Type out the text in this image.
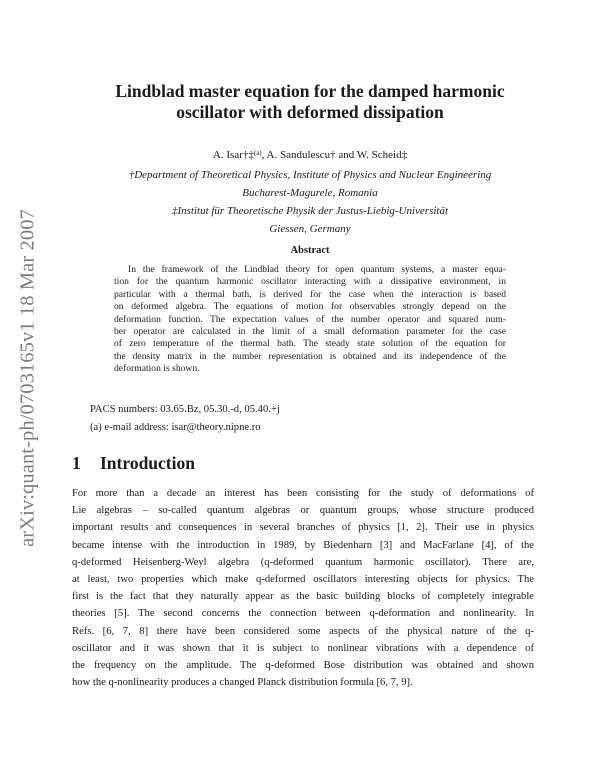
arXiv:quant-ph/0703165v1 18 Mar 2007
Lindblad master equation for the damped harmonic
oscillator with deformed dissipation
A. Isar†‡$^{(a)}$, A. Sandulescu† and W. Scheid‡
†Department of Theoretical Physics, Institute of Physics and Nuclear Engineering
Bucharest-Magurele, Romania
‡Institut für Theoretische Physik der Justus-Liebig-Universität
Giessen, Germany
Abstract
In the framework of the Lindblad theory for open quantum systems, a master equa-
tion for the quantum harmonic oscillator interacting with a dissipative environment, in
particular with a thermal bath, is derived for the case when the interaction is based
on deformed algebra. The equations of motion for observables strongly depend on the
deformation function. The expectation values of the number operator and squared num-
ber operator are calculated in the limit of a small deformation parameter for the case
of zero temperature of the thermal bath. The steady state solution of the equation for
the density matrix in the number representation is obtained and its independence of the
deformation is shown.
PACS numbers: 03.65.Bz, 05.30.-d, 05.40.+j
(a) e-mail address: isar@theory.nipne.ro
1 Introduction
For more than a decade an interest has been consisting for the study of deformations of
Lie algebras – so-called quantum algebras or quantum groups, whose structure produced
important results and consequences in several branches of physics [1, 2]. Their use in physics
became intense with the introduction in 1989, by Biedenharn [3] and MacFarlane [4], of the
q-deformed Heisenberg-Weyl algebra (q-deformed quantum harmonic oscillator). There are,
at least, two properties which make q-deformed oscillators interesting objects for physics. The
first is the fact that they naturally appear as the basic building blocks of completely integrable
theories [5]. The second concerns the connection between q-deformation and nonlinearity. In
Refs. [6, 7, 8] there have been considered some aspects of the physical nature of the q-
oscillator and it was shown that it is subject to nonlinear vibrations with a dependence of
the frequency on the amplitude. The q-deformed Bose distribution was obtained and shown
how the q-nonlinearity produces a changed Planck distribution formula [6, 7, 9].
